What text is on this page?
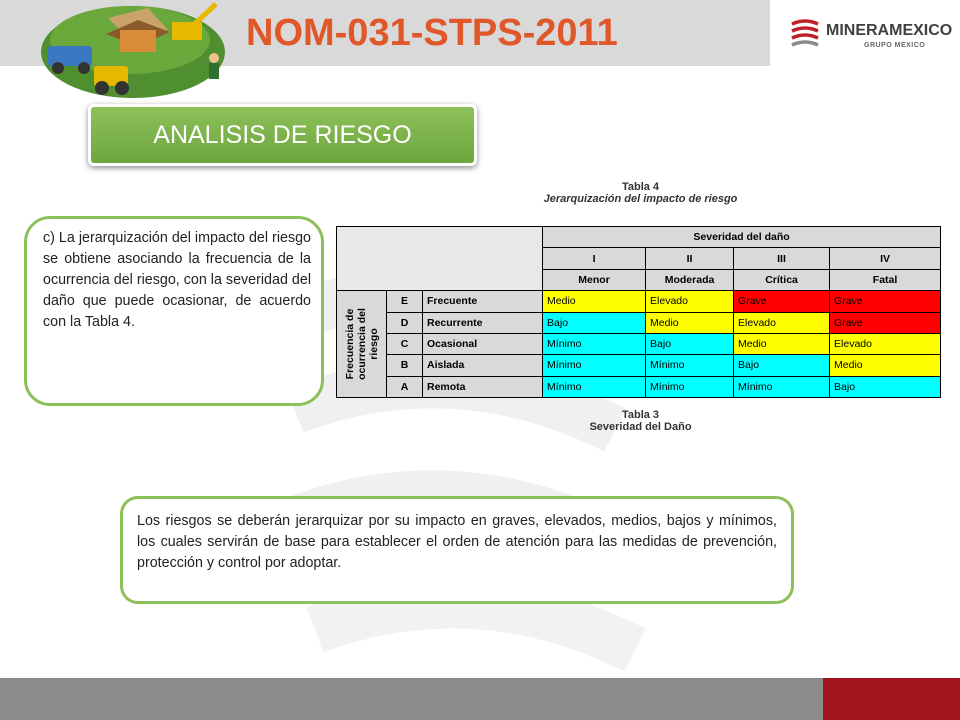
NOM-031-STPS-2011	MINERAMEXICO
GRUPO MEXICO
ANALISIS DE RIESGO
c) La jerarquización del impacto del riesgo se obtiene asociando la frecuencia de la ocurrencia del riesgo, con la severidad del daño que puede ocasionar, de acuerdo con la Tabla 4.
Tabla 4
Jerarquización del impacto de riesgo
			Severidad del daño			
			I	II	III	IV
			Menor	Moderada	Crítica	Fatal

Frecuencia de ocurrencia del riesgo	E	Frecuente	Medio	Elevado	Grave	Grave
	D	Recurrente	Bajo	Medio	Elevado	Grave
	C	Ocasional	Mínimo	Bajo	Medio	Elevado
	B	Aislada	Mínimo	Mínimo	Bajo	Medio
	A	Remota	Mínimo	Mínimo	Mínimo	Bajo
Tabla 3
Severidad del Daño
Los riesgos se deberán jerarquizar por su impacto en graves, elevados, medios, bajos y mínimos, los cuales servirán de base para establecer el orden de atención para las medidas de prevención, protección y control por adoptar.
